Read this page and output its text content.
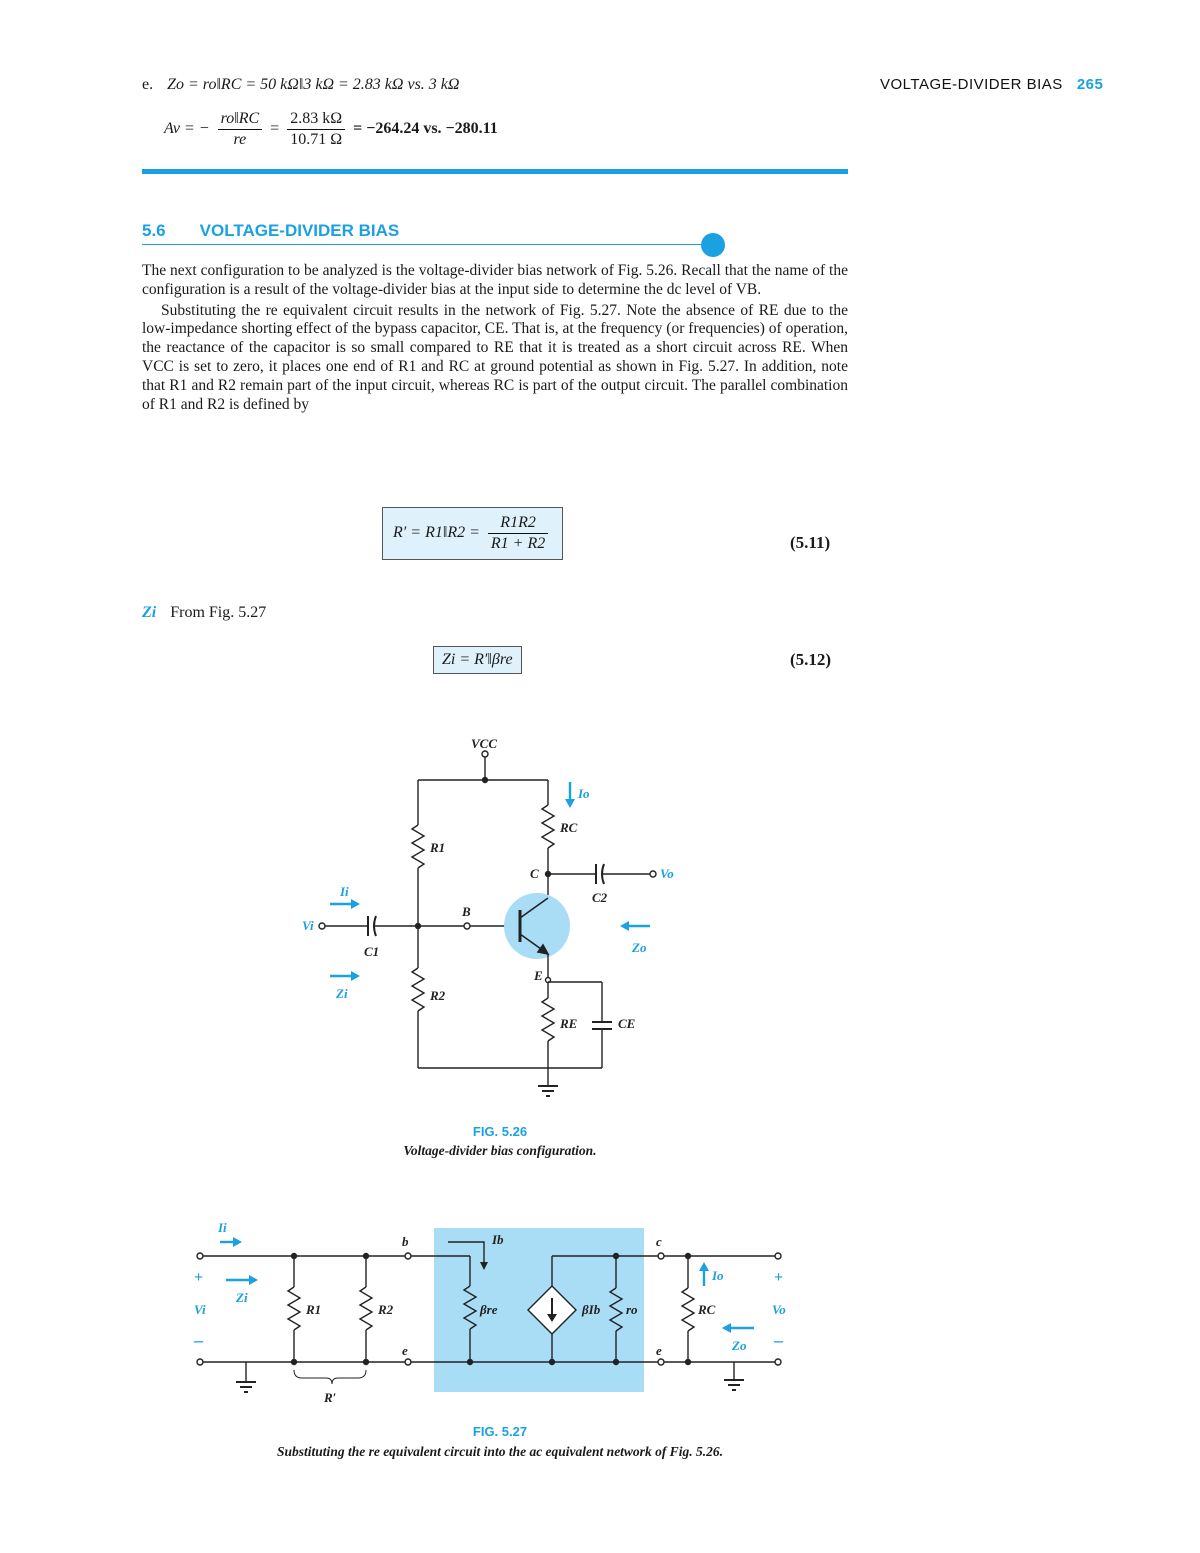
VOLTAGE-DIVIDER BIAS 265
e. Zo = ro‖RC = 50 kΩ‖3 kΩ = 2.83 kΩ vs. 3 kΩ
Av = − $\frac{ro‖RC}{re} = \frac{2.83 k\Omega}{10.71 \Omega} = -264.24$ vs. −280.11
5.6 VOLTAGE-DIVIDER BIAS

The next configuration to be analyzed is the voltage-divider bias network of Fig. 5.26. Recall that the name of the configuration is a result of the voltage-divider bias at the input side to determine the dc level of VB.

Substituting the re equivalent circuit results in the network of Fig. 5.27. Note the absence of RE due to the low-impedance shorting effect of the bypass capacitor, CE. That is, at the frequency (or frequencies) of operation, the reactance of the capacitor is so small compared to RE that it is treated as a short circuit across RE. When VCC is set to zero, it places one end of R1 and RC at ground potential as shown in Fig. 5.27. In addition, note that R1 and R2 remain part of the input circuit, whereas RC is part of the output circuit. The parallel combination of R1 and R2 is defined by

R′ = R1‖R2 = $\frac{R1R2}{R1 + R2}$	(5.11)
Zi From Fig. 5.27
Zi = R′‖βre	(5.12)
VCC
Io
RC
R1
C	Vo
C2
Ii
B
Vi
C1	Zo
E
Zi	R2
RE	CE
FIG. 5.26
Voltage-divider bias configuration.
Ii
b	Ib	c
+	+
Zi
Io
Vi	R1	R2	βre	βIb ro	RC	Vo
e	e	Zo
–	–
R′
FIG. 5.27
Substituting the re equivalent circuit into the ac equivalent network of Fig. 5.26.
